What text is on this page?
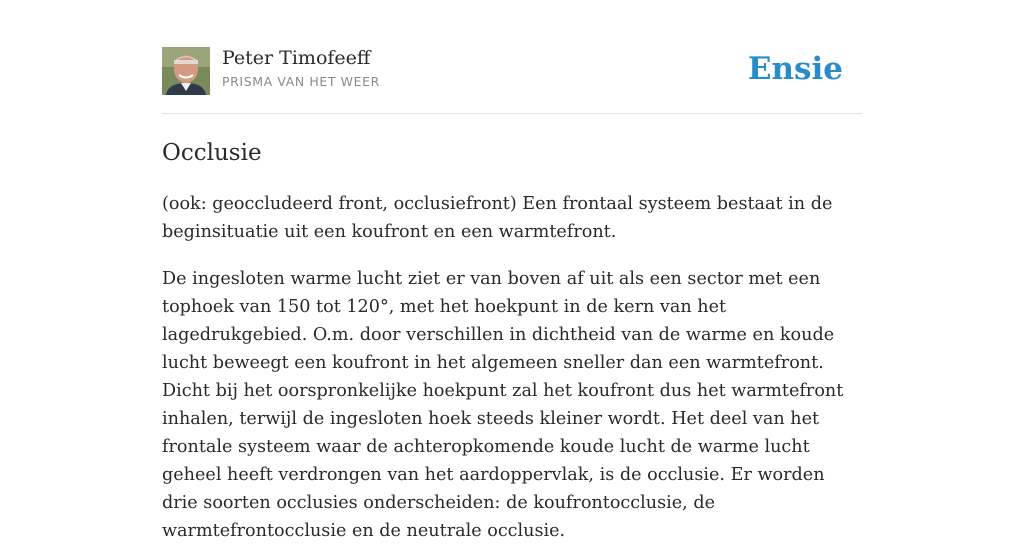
Peter Timofeeff
PRISMA VAN HET WEER	Ensie
Occlusie

(ook: geoccludeerd front, occlusiefront) Een frontaal systeem bestaat in de beginsituatie uit een koufront en een warmtefront.

De ingesloten warme lucht ziet er van boven af uit als een sector met een tophoek van 150 tot 120°, met het hoekpunt in de kern van het lagedrukgebied. O.m. door verschillen in dichtheid van de warme en koude lucht beweegt een koufront in het algemeen sneller dan een warmtefront. Dicht bij het oorspronkelijke hoekpunt zal het koufront dus het warmtefront inhalen, terwijl de ingesloten hoek steeds kleiner wordt. Het deel van het frontale systeem waar de achteropkomende koude lucht de warme lucht geheel heeft verdrongen van het aardoppervlak, is de occlusie. Er worden drie soorten occlusies onderscheiden: de koufrontocclusie, de warmtefrontocclusie en de neutrale occlusie.
